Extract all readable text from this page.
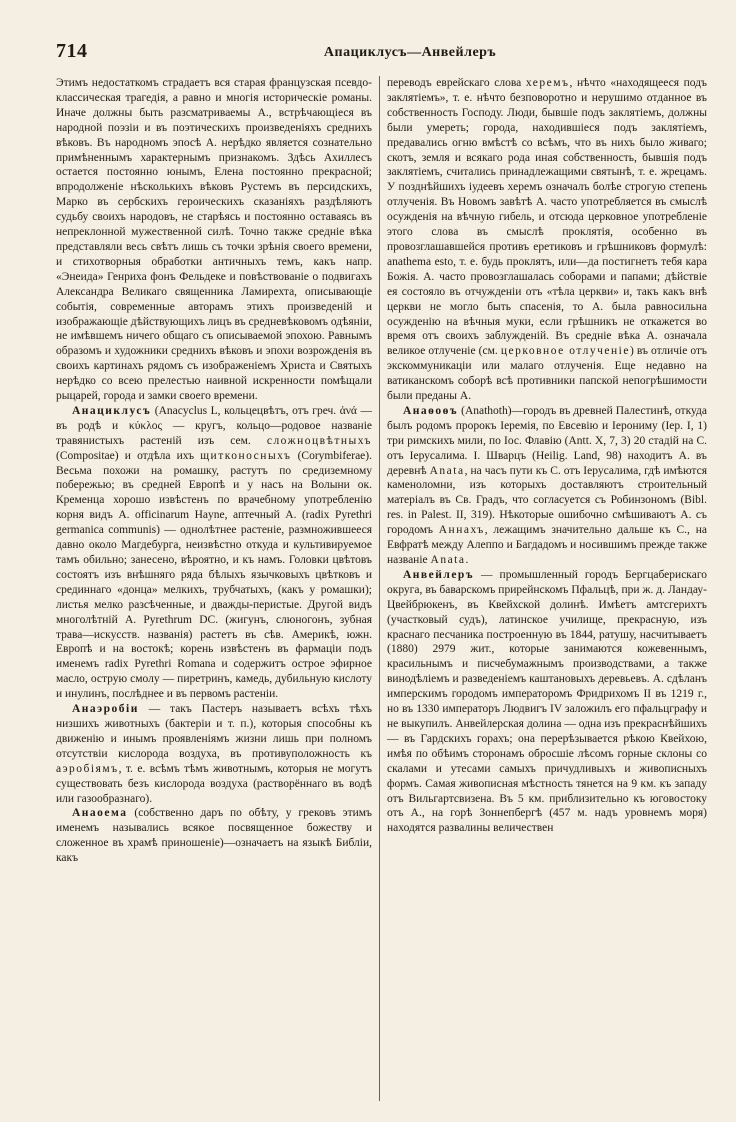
714	Апациклусъ—Анвейлеръ

Этимъ недостаткомъ страдаетъ вся старая французская псевдо-классическая трагедія, а равно и многія историческіе романы. Иначе должны быть разсматриваемы А., встрѣчающіеся въ народной поэзіи и въ поэтическихъ произведеніяхъ среднихъ вѣковъ. Въ народномъ эпосѣ А. нерѣдко является сознательно примѣненнымъ характернымъ признакомъ. Здѣсь Ахиллесъ остается постоянно юнымъ, Елена постоянно прекрасной; впродолженіе нѣсколькихъ вѣковъ Рустемъ въ персидскихъ, Марко въ сербскихъ героическихъ сказаніяхъ раздѣляютъ судьбу своихъ народовъ, не старѣясь и постоянно оставаясь въ непреклонной мужественной силѣ. Точно также средніе вѣка представляли весь свѣтъ лишь съ точки зрѣнія своего времени, и стихотворныя обработки античныхъ темъ, какъ напр. «Энеида» Генриха фонъ Фельдеке и повѣствованіе о подвигахъ Александра Великаго священника Ламирехта, описывающіе событія, современные авторамъ этихъ произведеній и изображающіе дѣйствующихъ лицъ въ средневѣковомъ одѣяніи, не имѣвшемъ ничего общаго съ описываемой эпохою. Равнымъ образомъ и художники среднихъ вѣковъ и эпохи возрожденія въ своихъ картинахъ рядомъ съ изображеніемъ Христа и Святыхъ нерѣдко со всею прелестью наивной искренности помѣщали рыцарей, города и замки своего времени.

Анациклусъ (Anacyclus L, кольцецвѣтъ, отъ греч. ἀνά — въ родѣ и κύκλος — кругъ, кольцо—родовое названіе травянистыхъ растеній изъ сем. сложноцвѣтныхъ (Compositae) и отдѣла ихъ щитконосныхъ (Corymbiferae). Весьма похожи на ромашку, растутъ по средиземному побережью; въ средней Европѣ и у насъ на Волыни ок. Кременца хорошо извѣстенъ по врачебному употребленію корня видъ A. officinarum Hayne, аптечный А. (radix Pyrethri germanica communis) — однолѣтнее растеніе, размножившееся давно около Магдебурга, неизвѣстно откуда и культивируемое тамъ обильно; занесено, вѣроятно, и къ намъ. Головки цвѣтовъ состоятъ изъ внѣшняго ряда бѣлыхъ язычковыхъ цвѣтковъ и срединнаго «донца» мелкихъ, трубчатыхъ, (какъ у ромашки); листья мелко разсѣченные, и дважды-перистые. Другой видъ многолѣтній A. Pyrethrum DC. (жигунъ, слюногонъ, зубная трава—искусств. названія) растетъ въ сѣв. Америкѣ, южн. Европѣ и на востокѣ; корень извѣстенъ въ фармаціи подъ именемъ radix Pyrethri Romana и содержитъ острое эфирное масло, острую смолу — пиретринъ, камедь, дубильную кислоту и инулинъ, послѣднее и въ первомъ растеніи.

Анаэробіи — такъ Пастеръ называетъ всѣхъ тѣхъ низшихъ животныхъ (бактеріи и т. п.), которыя способны къ движенію и инымъ проявленіямъ жизни лишь при полномъ отсутствіи кислорода воздуха, въ противуположность къ аэробіямъ, т. е. всѣмъ тѣмъ животнымъ, которыя не могутъ существовать безъ кислорода воздуха (растворённаго въ водѣ или газообразнаго).

Анаоема (собственно даръ по обѣту, у грековъ этимъ именемъ назывались всякое посвященное божеству и сложенное въ храмѣ приношеніе)—означаетъ на языкѣ Библіи, какъ

переводъ еврейскаго слова херемъ, нѣчто «находящееся подъ заклятіемъ», т. е. нѣчто безповоротно и нерушимо отданное въ собственность Господу. Люди, бывшіе подъ заклятіемъ, должны были умереть; города, находившіеся подъ заклятіемъ, предавались огню вмѣстѣ со всѣмъ, что въ нихъ было живаго; скотъ, земля и всякаго рода иная собственность, бывшія подъ заклятіемъ, считались принадлежащими святынѣ, т. е. жрецамъ. У позднѣйшихъ іудеевъ херемъ означалъ болѣе строгую степень отлученія. Въ Новомъ завѣтѣ А. часто употребляется въ смыслѣ осужденія на вѣчную гибель, и отсюда церковное употребленіе этого слова въ смыслѣ проклятія, особенно въ провозглашавшейся противъ еретиковъ и грѣшниковъ формулѣ: anathema esto, т. е. будь проклятъ, или—да постигнетъ тебя кара Божія. А. часто провозглашалась соборами и папами; дѣйствіе ея состояло въ отчужденіи отъ «тѣла церкви» и, такъ какъ внѣ церкви не могло быть спасенія, то А. была равносильна осужденію на вѣчныя муки, если грѣшникъ не откажется во время отъ своихъ заблужденій. Въ средніе вѣка А. означала великое отлученіе (см. церковное отлученіе) въ отличіе отъ экскоммуникаціи или малаго отлученія. Еще недавно на ватиканскомъ соборѣ всѣ противники папской непогрѣшимости были преданы А.

Анаѳоѳъ (Anathoth)—городъ въ древней Палестинѣ, откуда былъ родомъ пророкъ Іеремія, по Евсевію и Іерониму (Іер. I, 1) три римскихъ мили, по Іос. Флавію (Antt. X, 7, 3) 20 стадій на С. отъ Іерусалима. І. Шварцъ (Heilig. Land, 98) находитъ А. въ деревнѣ Anata, на часъ пути къ С. отъ Іерусалима, гдѣ имѣются каменоломни, изъ которыхъ доставляютъ строительный матеріалъ въ Св. Градъ, что согласуется съ Робинзономъ (Bibl. res. in Palest. II, 319). Нѣкоторые ошибочно смѣшиваютъ А. съ городомъ Аннахъ, лежащимъ значительно дальше къ С., на Евфратѣ между Алеппо и Багдадомъ и носившимъ прежде также названіе Anata.

Анвейлеръ — промышленный городъ Бергцаберискаго округа, въ баварскомъ прирейнскомъ Пфальцѣ, при ж. д. Ландау-Цвейбрюкенъ, въ Квейхской долинѣ. Имѣетъ амтсгерихтъ (участковый судъ), латинское училище, прекрасную, изъ краснаго песчаника построенную въ 1844, ратушу, насчитываетъ (1880) 2979 жит., которые занимаются кожевеннымъ, красильнымъ и писчебумажнымъ производствами, а также винодѣліемъ и разведеніемъ каштановыхъ деревьевъ. А. сдѣланъ имперскимъ городомъ императоромъ Фридрихомъ II въ 1219 г., но въ 1330 императоръ Людвигъ IV заложилъ его пфальцграфу и не выкупилъ. Анвейлерская долина — одна изъ прекраснѣйшихъ — въ Гардскихъ горахъ; она перерѣзывается рѣкою Квейхою, имѣя по обѣимъ сторонамъ обросшіе лѣсомъ горные склоны со скалами и утесами самыхъ причудливыхъ и живописныхъ формъ. Самая живописная мѣстность тянется на 9 км. къ западу отъ Вильгартсвизена. Въ 5 км. приблизительно къ юговостоку отъ А., на горѣ Зоннепбергѣ (457 м. надъ уровнемъ моря) находятся развалины величествен
